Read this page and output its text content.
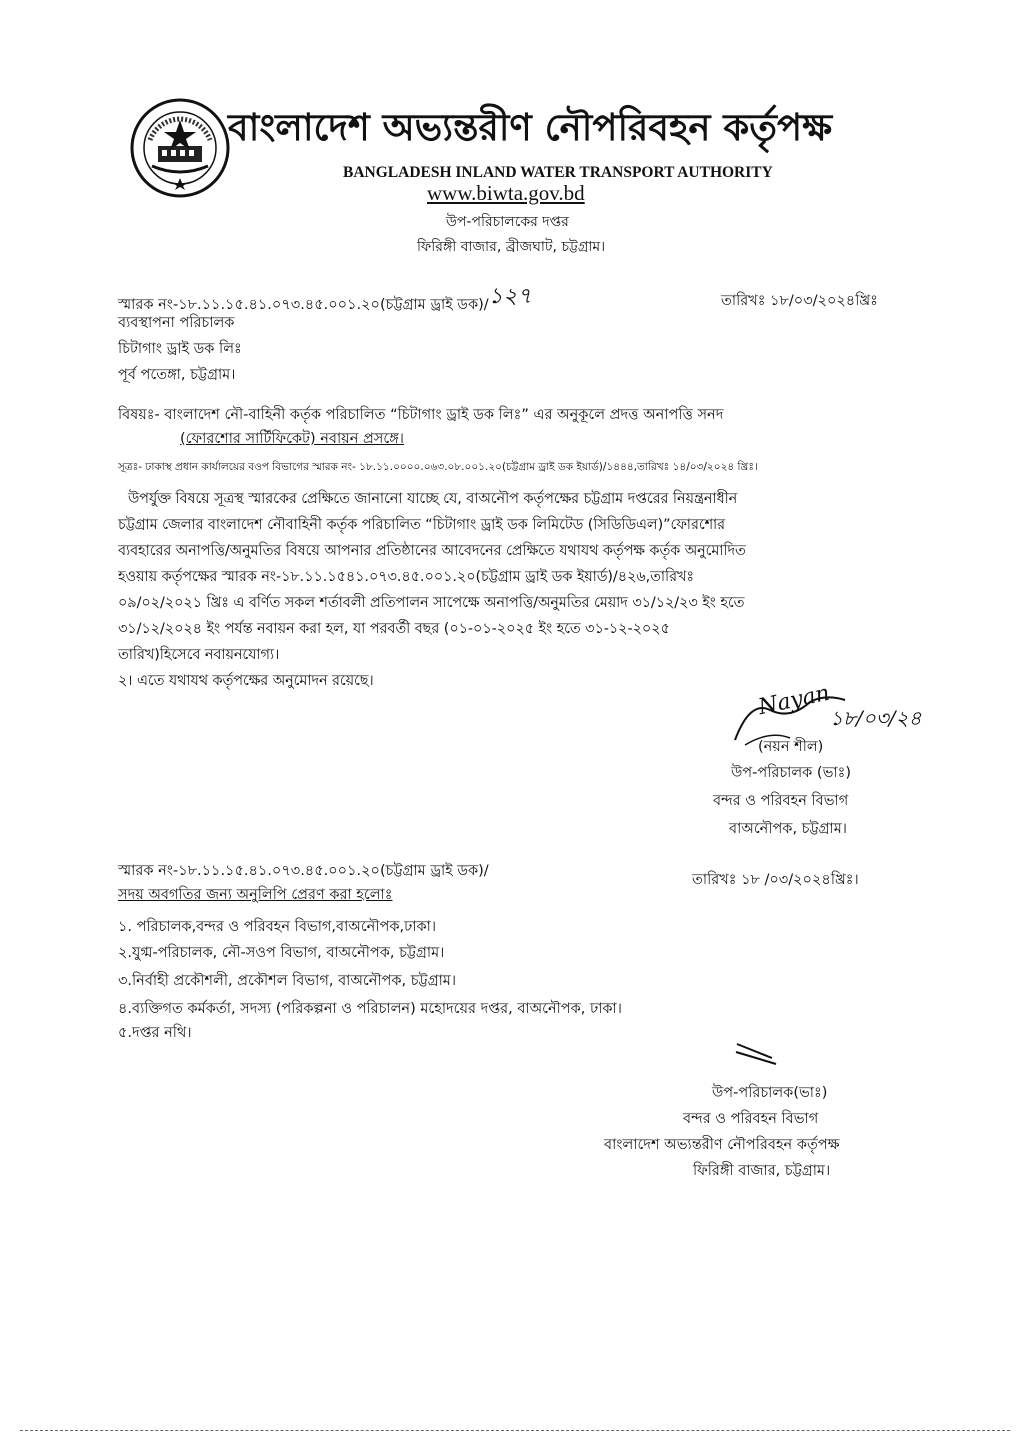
বাংলাদেশ অভ্যন্তরীণ নৌপরিবহন কর্তৃপক্ষ
BANGLADESH INLAND WATER TRANSPORT AUTHORITY
www.biwta.gov.bd
উপ-পরিচালকের দপ্তর
ফিরিঙ্গী বাজার, ব্রীজঘাট, চট্টগ্রাম।
স্মারক নং-১৮.১১.১৫.৪১.০৭৩.৪৫.০০১.২০(চট্টগ্রাম ড্রাই ডক)/১২৭	তারিখঃ ১৮/০৩/২০২৪খ্রিঃ
ব্যবস্থাপনা পরিচালক
চিটাগাং ড্রাই ডক লিঃ
পূর্ব পতেঙ্গা, চট্টগ্রাম।
বিষয়ঃ- বাংলাদেশ নৌ-বাহিনী কর্তৃক পরিচালিত “চিটাগাং ড্রাই ডক লিঃ” এর অনুকূলে প্রদত্ত অনাপত্তি সনদ
(ফোরশোর সার্টিফিকেট) নবায়ন প্রসঙ্গে।
সূত্রঃ- ঢাকাস্থ প্রধান কার্যালয়ের বওপ বিভাগের স্মারক নং- ১৮.১১.০০০০.০৬৩.০৮.০০১.২০(চট্টগ্রাম ড্রাই ডক ইয়ার্ড)/১৪৪৪,তারিখঃ ১৪/০৩/২০২৪ খ্রিঃ।
উপর্যুক্ত বিষয়ে সূত্রস্থ স্মারকের প্রেক্ষিতে জানানো যাচ্ছে যে, বাঅনৌপ কর্তৃপক্ষের চট্টগ্রাম দপ্তরের নিয়ন্ত্রনাধীন
চট্টগ্রাম জেলার বাংলাদেশ নৌবাহিনী কর্তৃক পরিচালিত “চিটাগাং ড্রাই ডক লিমিটেড (সিডিডিএল)”ফোরশোর
ব্যবহারের অনাপত্তি/অনুমতির বিষয়ে আপনার প্রতিষ্ঠানের আবেদনের প্রেক্ষিতে যথাযথ কর্তৃপক্ষ কর্তৃক অনুমোদিত
হওয়ায় কর্তৃপক্ষের স্মারক নং-১৮.১১.১৫৪১.০৭৩.৪৫.০০১.২০(চট্টগ্রাম ড্রাই ডক ইয়ার্ড)/৪২৬,তারিখঃ
০৯/০২/২০২১ খ্রিঃ এ বর্ণিত সকল শর্তাবলী প্রতিপালন সাপেক্ষে অনাপত্তি/অনুমতির মেয়াদ ৩১/১২/২৩ ইং হতে
৩১/১২/২০২৪ ইং পর্যন্ত নবায়ন করা হল, যা পরবর্তী বছর (০১-০১-২০২৫ ইং হতে ৩১-১২-২০২৫
তারিখ)হিসেবে নবায়নযোগ্য।
২। এতে যথাযথ কর্তৃপক্ষের অনুমোদন রয়েছে।	Nayan
১৮/০৩/২৪
(নয়ন শীল)
উপ-পরিচালক (ভাঃ)
বন্দর ও পরিবহন বিভাগ
বাঅনৌপক, চট্টগ্রাম।
স্মারক নং-১৮.১১.১৫.৪১.০৭৩.৪৫.০০১.২০(চট্টগ্রাম ড্রাই ডক)/
তারিখঃ ১৮ /০৩/২০২৪খ্রিঃ।
সদয় অবগতির জন্য অনুলিপি প্রেরণ করা হলোঃ
১. পরিচালক,বন্দর ও পরিবহন বিভাগ,বাঅনৌপক,ঢাকা।
২.যুগ্ম-পরিচালক, নৌ-সওপ বিভাগ, বাঅনৌপক, চট্টগ্রাম।
৩.নির্বাহী প্রকৌশলী, প্রকৌশল বিভাগ, বাঅনৌপক, চট্টগ্রাম।
৪.ব্যক্তিগত কর্মকর্তা, সদস্য (পরিকল্পনা ও পরিচালন) মহোদয়ের দপ্তর, বাঅনৌপক, ঢাকা।
৫.দপ্তর নথি।
উপ-পরিচালক(ভাঃ)
বন্দর ও পরিবহন বিভাগ
বাংলাদেশ অভ্যন্তরীণ নৌপরিবহন কর্তৃপক্ষ
ফিরিঙ্গী বাজার, চট্টগ্রাম।
